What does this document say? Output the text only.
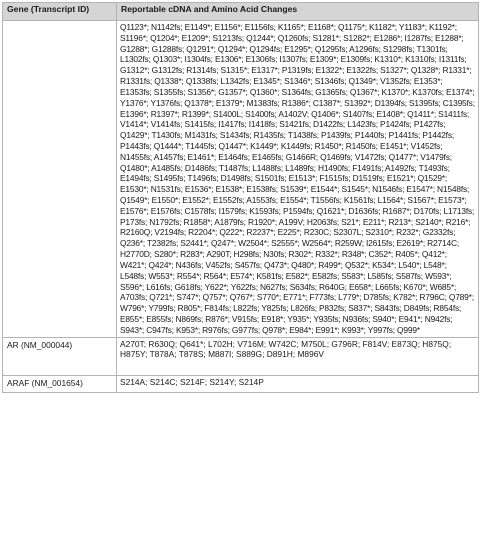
Gene (Transcript ID)	Reportable cDNA and Amino Acid Changes
	Q1123*; N1142fs; E1149*; E1156*; E1156fs; K1165*; E1168*; Q1175*; K1182*; Y1183*; K1192*; S1196*; Q1204*; E1209*; S1213fs; Q1244*; Q1260fs; S1281*; S1282*; E1286*; I1287fs; E1288*; G1288*; G1288fs; Q1291*; Q1294*; Q1294fs; E1295*; Q1295fs; A1296fs; S1298fs; T1301fs; L1302fs; Q1303*; I1304fs; E1306*; E1306fs; I1307fs; E1309*; E1309fs; K1310*; K1310fs; I1311fs; G1312*; G1312fs; R1314fs; S1315*; E1317*; P1319fs; E1322*; E1322fs; S1327*; Q1328*; R1331*; R1331fs; Q1338*; Q1338fs; L1342fs; E1345*; S1346*; S1346fs; Q1349*; V1352fs; E1353*; E1353fs; S1355fs; S1356*; G1357*; Q1360*; S1364fs; G1365fs; Q1367*; K1370*; K1370fs; E1374*; Y1376*; Y1376fs; Q1378*; E1379*; M1383fs; R1386*; C1387*; S1392*; D1394fs; S1395fs; C1395fs; E1396*; R1397*; R1399*; S1400L; S1400fs; A1402V; Q1406*; S1407fs; E1408*; Q1411*; S1411fs; V1414*; V1414fs; S1415fs; I1417fs; I1418fs; S1421fs; D1422fs; L1423fs; P1424fs; P1427fs; Q1429*; T1430fs; M1431fs; S1434fs; R1435fs; T1438fs; P1439fs; P1440fs; P1441fs; P1442fs; P1443fs; Q1444*; T1445fs; Q1447*; K1449*; K1449fs; R1450*; R1450fs; E1451*; V1452fs; N1455fs; A1457fs; E1461*; E1464fs; E1465fs; G1466R; Q1469fs; V1472fs; Q1477*; V1479fs; Q1480*; A1485fs; D1486fs; T1487fs; L1488fs; L1489fs; H1490fs; F1491fs; A1492fs; T1493fs; E1494fs; S1495fs; T1496fs; D1498fs; S1501fs; E1513*; F1515fs; D1519fs; E1521*; Q1529*; E1530*; N1531fs; E1536*; E1538*; E1538fs; S1539*; E1544*; S1545*; N1546fs; E1547*; N1548fs; Q1549*; E1550*; E1552*; E1552fs; A1553fs; E1554*; T1556fs; K1561fs; L1564*; S1567*; E1573*; E1576*; E1576fs; C1578fs; I1579fs; K1593fs; P1594fs; Q1621*; D1636fs; R1687*; D170fs; L1713fs; P173fs; N1792fs; R1858*; A1879fs; R1920*; A199V; H2063fs; S21*; E211*; R213*; S2140*; R216*; R2160Q; V2194fs; R2204*; Q222*; R2237*; E225*; R230C; S2307L; S2310*; R232*; G2332fs; Q236*; T2382fs; S2441*; Q247*; W2504*; S2555*; W2564*; R259W; I2615fs; E2619*; R2714C; H2770D; S280*; R283*; A290T; H298fs; N30fs; R302*; R332*; R348*; C352*; R405*; Q412*; W421*; Q424*; N436fs; V452fs; S457fs; Q473*; Q480*; R499*; Q532*; K534*; L540*; L548*; L548fs; W553*; R554*; R564*; E574*; K581fs; E582*; E582fs; S583*; L585fs; S587fs; W593*; S596*; L616fs; G618fs; Y622*; Y622fs; N627fs; S634fs; R640G; E658*; L665fs; K670*; W685*; A703fs; Q721*; S747*; Q757*; Q767*; S770*; E771*; F773fs; L779*; D785fs; K782*; R796C; Q789*; W796*; Y799fs; R805*; F814fs; L822fs; Y825fs; L826fs; P832fs; S837*; S843fs; D849fs; R854fs; E855*; E855fs; N869fs; R876*; V915fs; E918*; Y935*; Y935fs; N936fs; S940*; E941*; N942fs; S943*; C947fs; K953*; R976fs; G977fs; Q978*; E984*; E991*; K993*; Y997fs; Q999*
AR (NM_000044)	A270T; R630Q; Q641*; L702H; V716M; W742C; M750L; G796R; F814V; E873Q; H875Q; H875Y; T878A; T878S; M887I; S889G; D891H; M896V
ARAF (NM_001654)	S214A; S214C; S214F; S214Y; S214P
